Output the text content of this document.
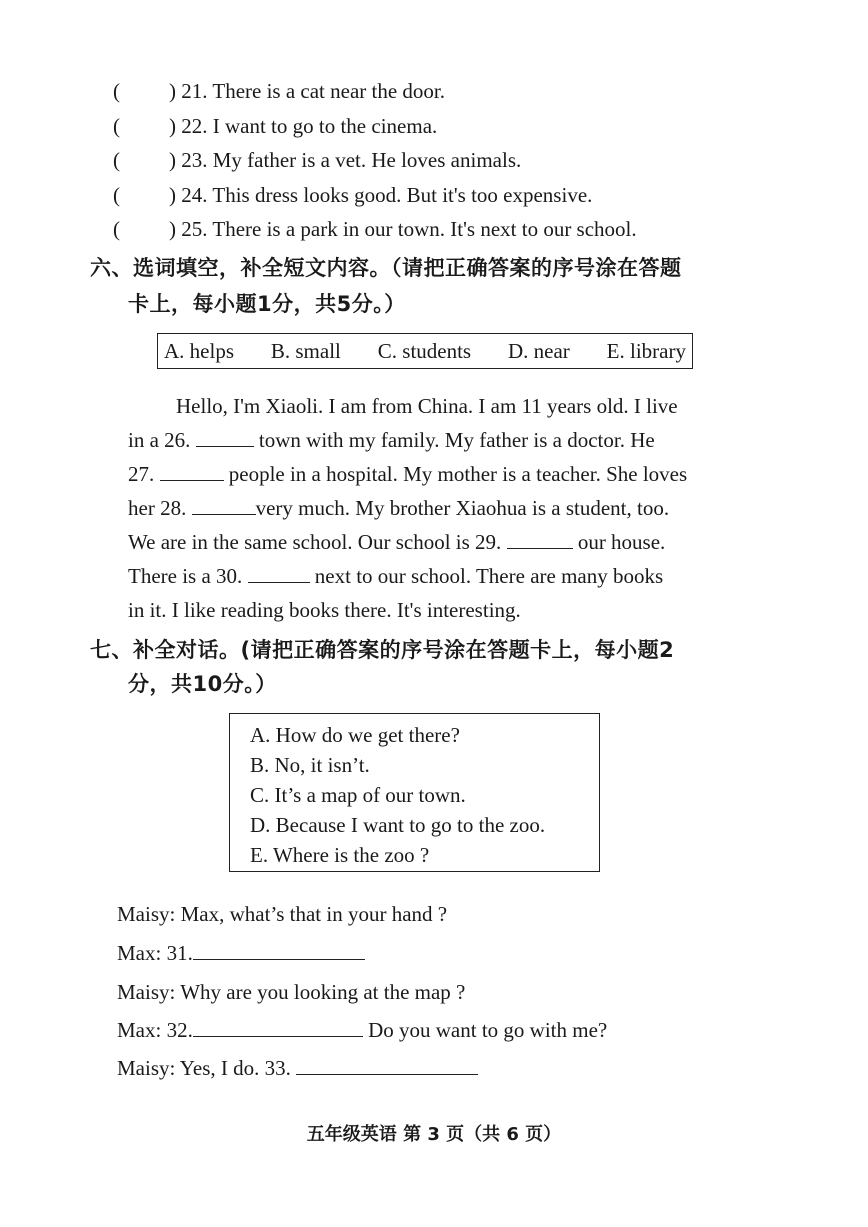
( ) 21. There is a cat near the door.
( ) 22. I want to go to the cinema.
( ) 23. My father is a vet. He loves animals.
( ) 24. This dress looks good. But it's too expensive.
( ) 25. There is a park in our town. It's next to our school.
六、选词填空，补全短文内容。（请把正确答案的序号涂在答题
卡上，每小题1分，共5分。）
A. helps B. small C. students D. near E. library
Hello, I'm Xiaoli. I am from China. I am 11 years old. I live
in a 26.	town with my family. My father is a doctor. He
27.	people in a hospital. My mother is a teacher. She loves
her 28.	very much. My brother Xiaohua is a student, too.
We are in the same school. Our school is 29.	our house.
There is a 30.	next to our school. There are many books
in it. I like reading books there. It's interesting.
七、补全对话。(请把正确答案的序号涂在答题卡上，每小题2
分，共10分。）
A. How do we get there?
B. No, it isn’t.
C. It’s a map of our town.
D. Because I want to go to the zoo.
E. Where is the zoo ?
Maisy: Max, what’s that in your hand ?
Max: 31.
Maisy: Why are you looking at the map ?
Max: 32.	Do you want to go with me?
Maisy: Yes, I do. 33.
五年级英语 第 3 页（共 6 页）
